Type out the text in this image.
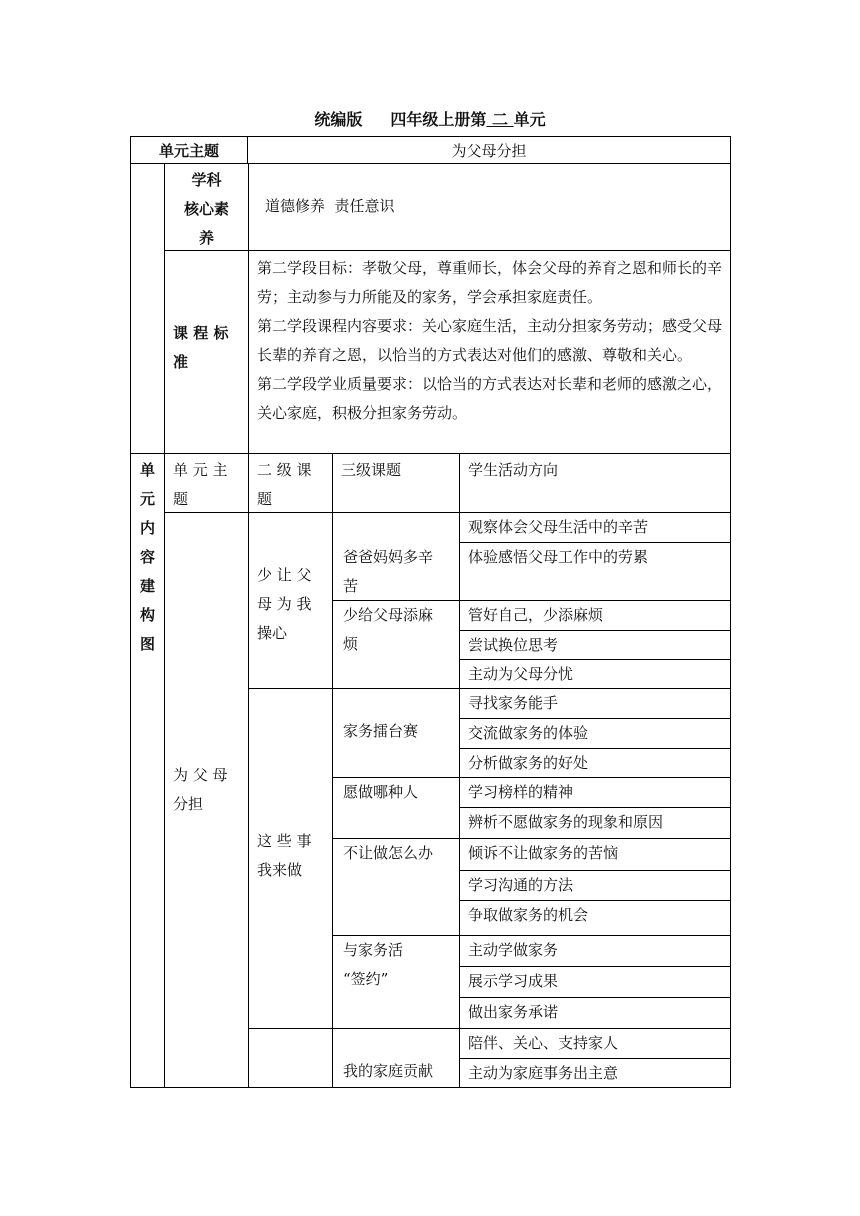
统编版 四年级上册第 二 单元
单元主题	为父母分担
学科
核心素
养
道德修养  责任意识
课 程 标
准
第二学段目标：孝敬父母，尊重师长，体会父母的养育之恩和师长的辛劳；主动参与力所能及的家务，学会承担家庭责任。
第二学段课程内容要求：关心家庭生活，主动分担家务劳动；感受父母长辈的养育之恩，以恰当的方式表达对他们的感激、尊敬和关心。
第二学段学业质量要求：以恰当的方式表达对长辈和老师的感激之心，关心家庭，积极分担家务劳动。
单
元
内
容
建
构
图
单 元 主
题
二 级 课
题
三级课题	学生活动方向
为 父 母
分担
少 让 父
母 为 我
操心
这 些 事
我来做
爸爸妈妈多辛
苦
少给父母添麻
烦
家务擂台赛
愿做哪种人
不让做怎么办
与家务活
“签约”
我的家庭贡献
观察体会父母生活中的辛苦
体验感悟父母工作中的劳累
管好自己，少添麻烦
尝试换位思考
主动为父母分忧
寻找家务能手
交流做家务的体验
分析做家务的好处
学习榜样的精神
辨析不愿做家务的现象和原因
倾诉不让做家务的苦恼
学习沟通的方法
争取做家务的机会
主动学做家务
展示学习成果
做出家务承诺
陪伴、关心、支持家人
主动为家庭事务出主意
